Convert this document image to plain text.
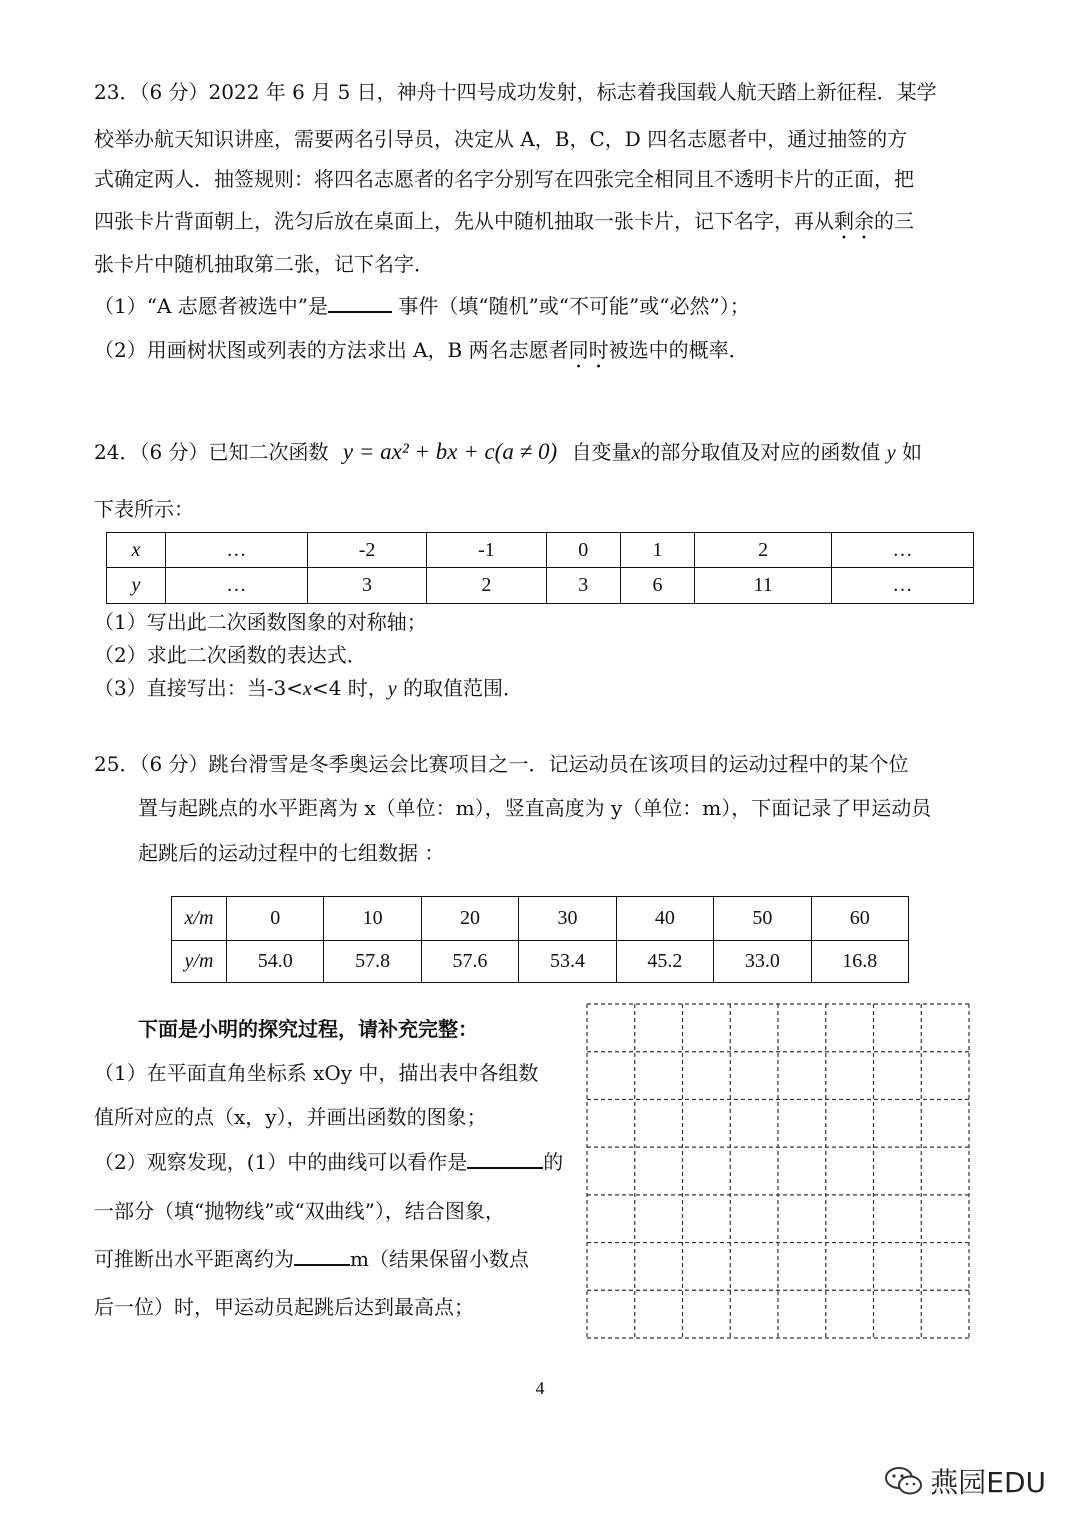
23．（6 分）2022 年 6 月 5 日，神舟十四号成功发射，标志着我国载人航天踏上新征程．某学
校举办航天知识讲座，需要两名引导员，决定从 A，B，C，D 四名志愿者中，通过抽签的方
式确定两人．抽签规则：将四名志愿者的名字分别写在四张完全相同且不透明卡片的正面，把
四张卡片背面朝上，洗匀后放在桌面上，先从中随机抽取一张卡片，记下名字，再从剩余的三
张卡片中随机抽取第二张，记下名字．
（1）“A 志愿者被选中”是	事件（填“随机”或“不可能”或“必然”）；
（2）用画树状图或列表的方法求出 A，B 两名志愿者同时被选中的概率．
24．（6 分）已知二次函数 y = ax² + bx + c(a ≠ 0) 自变量x的部分取值及对应的函数值 y 如
下表所示：
x	…	-2	-1	0	1	2	…
y	…	3	2	3	6	11	…
（1）写出此二次函数图象的对称轴；
（2）求此二次函数的表达式．
（3）直接写出：当-3<x<4 时，y 的取值范围．
25．（6 分）跳台滑雪是冬季奥运会比赛项目之一．记运动员在该项目的运动过程中的某个位
置与起跳点的水平距离为 x（单位：m），竖直高度为 y（单位：m），下面记录了甲运动员
起跳后的运动过程中的七组数据 ：
x/m	0	10	20	30	40	50	60
y/m	54.0	57.8	57.6	53.4	45.2	33.0	16.8
下面是小明的探究过程，请补充完整：
（1）在平面直角坐标系 xOy 中，描出表中各组数
值所对应的点（x，y），并画出函数的图象；
（2）观察发现，(1）中的曲线可以看作是	的
一部分（填“抛物线”或“双曲线”），结合图象，
可推断出水平距离约为	m（结果保留小数点
后一位）时，甲运动员起跳后达到最高点；
4
燕园EDU
